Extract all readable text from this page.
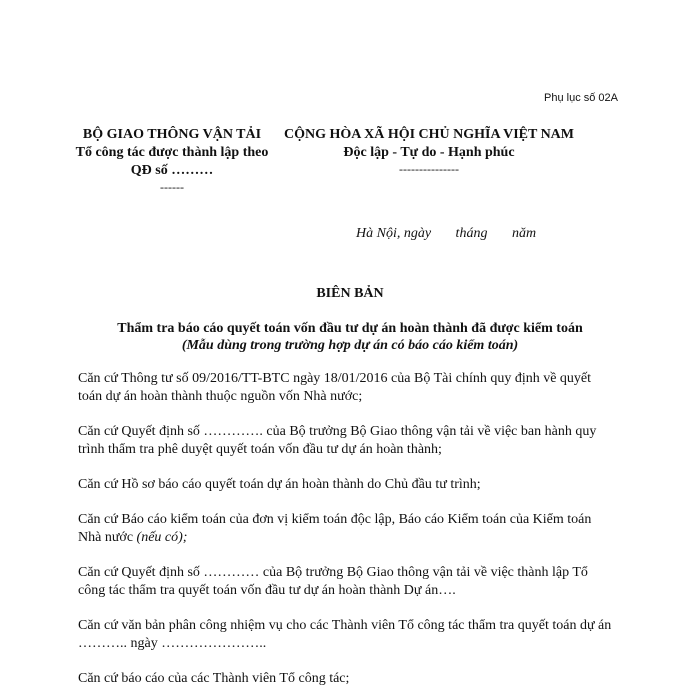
Phụ lục số 02A
BỘ GIAO THÔNG VẬN TẢI
Tổ công tác được thành lập theo QĐ số ………
------
CỘNG HÒA XÃ HỘI CHỦ NGHĨA VIỆT NAM
Độc lập - Tự do - Hạnh phúc
---------------
Hà Nội, ngày       tháng       năm
BIÊN BẢN
Thẩm tra báo cáo quyết toán vốn đầu tư dự án hoàn thành đã được kiểm toán
(Mẫu dùng trong trường hợp dự án có báo cáo kiểm toán)

Căn cứ Thông tư số 09/2016/TT-BTC ngày 18/01/2016 của Bộ Tài chính quy định về quyết toán dự án hoàn thành thuộc nguồn vốn Nhà nước;

Căn cứ Quyết định số …………. của Bộ trưởng Bộ Giao thông vận tải về việc ban hành quy trình thẩm tra phê duyệt quyết toán vốn đầu tư dự án hoàn thành;

Căn cứ Hồ sơ báo cáo quyết toán dự án hoàn thành do Chủ đầu tư trình;

Căn cứ Báo cáo kiểm toán của đơn vị kiểm toán độc lập, Báo cáo Kiểm toán của Kiểm toán Nhà nước (nếu có);

Căn cứ Quyết định số ………… của Bộ trưởng Bộ Giao thông vận tải về việc thành lập Tổ công tác thẩm tra quyết toán vốn đầu tư dự án hoàn thành Dự án….

Căn cứ văn bản phân công nhiệm vụ cho các Thành viên Tổ công tác thẩm tra quyết toán dự án ……….. ngày …………………..

Căn cứ báo cáo của các Thành viên Tổ công tác;
